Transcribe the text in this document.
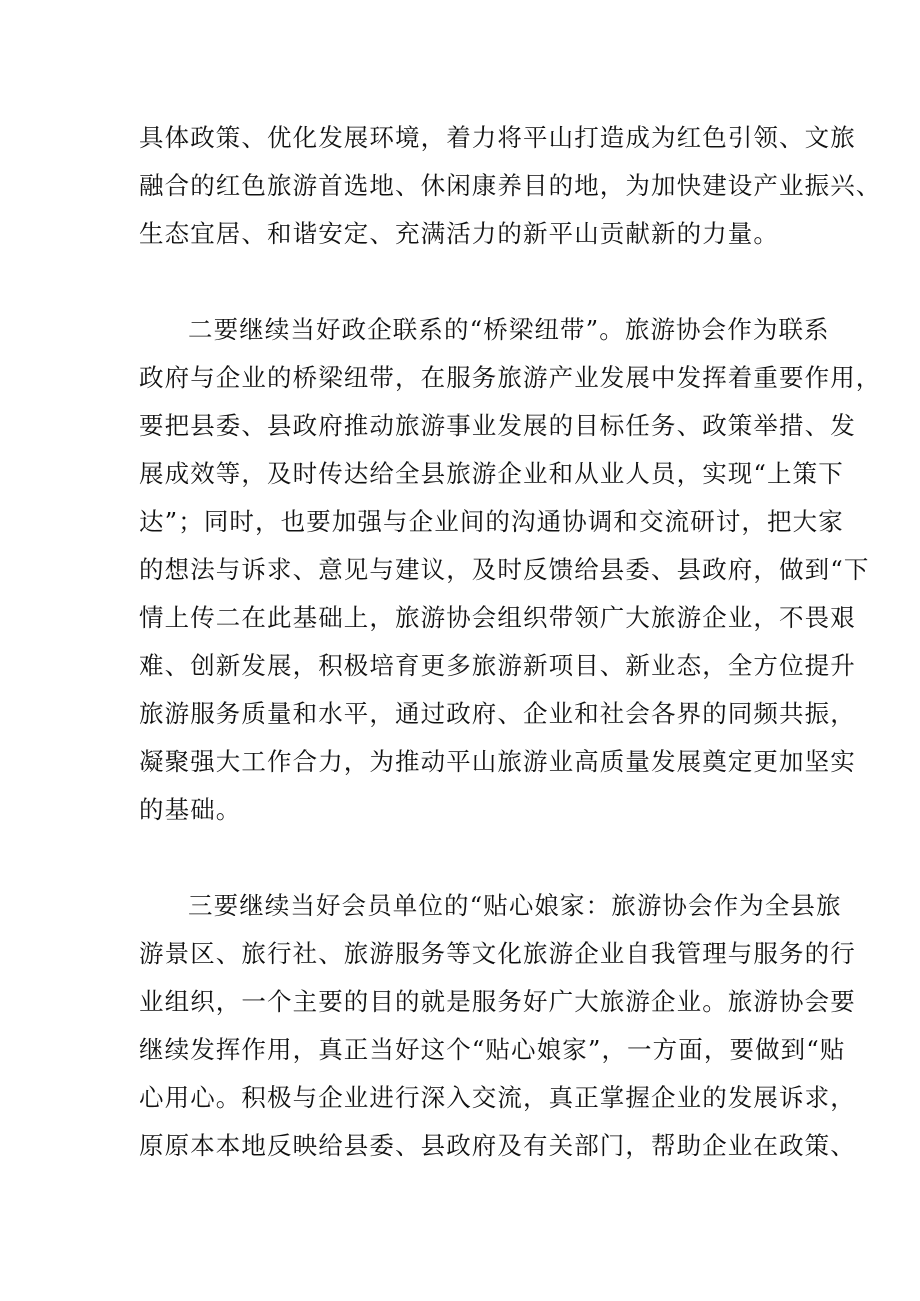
具体政策、优化发展环境，着力将平山打造成为红色引领、文旅
融合的红色旅游首选地、休闲康养目的地，为加快建设产业振兴、
生态宜居、和谐安定、充满活力的新平山贡献新的力量。
二要继续当好政企联系的“桥梁纽带”。旅游协会作为联系
政府与企业的桥梁纽带，在服务旅游产业发展中发挥着重要作用，
要把县委、县政府推动旅游事业发展的目标任务、政策举措、发
展成效等，及时传达给全县旅游企业和从业人员，实现“上策下
达”；同时，也要加强与企业间的沟通协调和交流研讨，把大家
的想法与诉求、意见与建议，及时反馈给县委、县政府，做到“下
情上传二在此基础上，旅游协会组织带领广大旅游企业，不畏艰
难、创新发展，积极培育更多旅游新项目、新业态，全方位提升
旅游服务质量和水平，通过政府、企业和社会各界的同频共振，
凝聚强大工作合力，为推动平山旅游业高质量发展奠定更加坚实
的基础。
三要继续当好会员单位的“贴心娘家：旅游协会作为全县旅
游景区、旅行社、旅游服务等文化旅游企业自我管理与服务的行
业组织，一个主要的目的就是服务好广大旅游企业。旅游协会要
继续发挥作用，真正当好这个“贴心娘家”，一方面，要做到“贴
心用心。积极与企业进行深入交流，真正掌握企业的发展诉求，
原原本本地反映给县委、县政府及有关部门，帮助企业在政策、
